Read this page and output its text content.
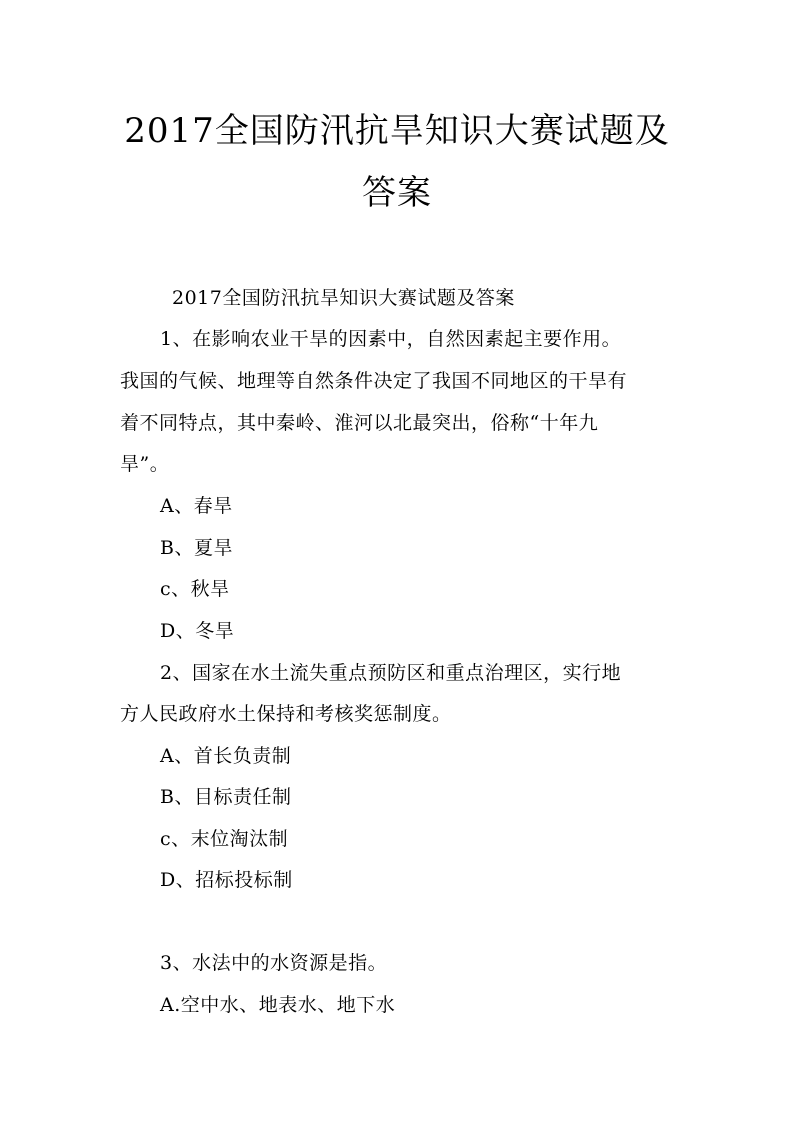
2017全国防汛抗旱知识大赛试题及
答案
2017全国防汛抗旱知识大赛试题及答案
1、在影响农业干旱的因素中，自然因素起主要作用。
我国的气候、地理等自然条件决定了我国不同地区的干旱有
着不同特点，其中秦岭、淮河以北最突出，俗称“十年九
旱”。
A、春旱
B、夏旱
c、秋旱
D、冬旱
2、国家在水土流失重点预防区和重点治理区，实行地
方人民政府水土保持和考核奖惩制度。
A、首长负责制
B、目标责任制
c、末位淘汰制
D、招标投标制
3、水法中的水资源是指。
A.空中水、地表水、地下水
